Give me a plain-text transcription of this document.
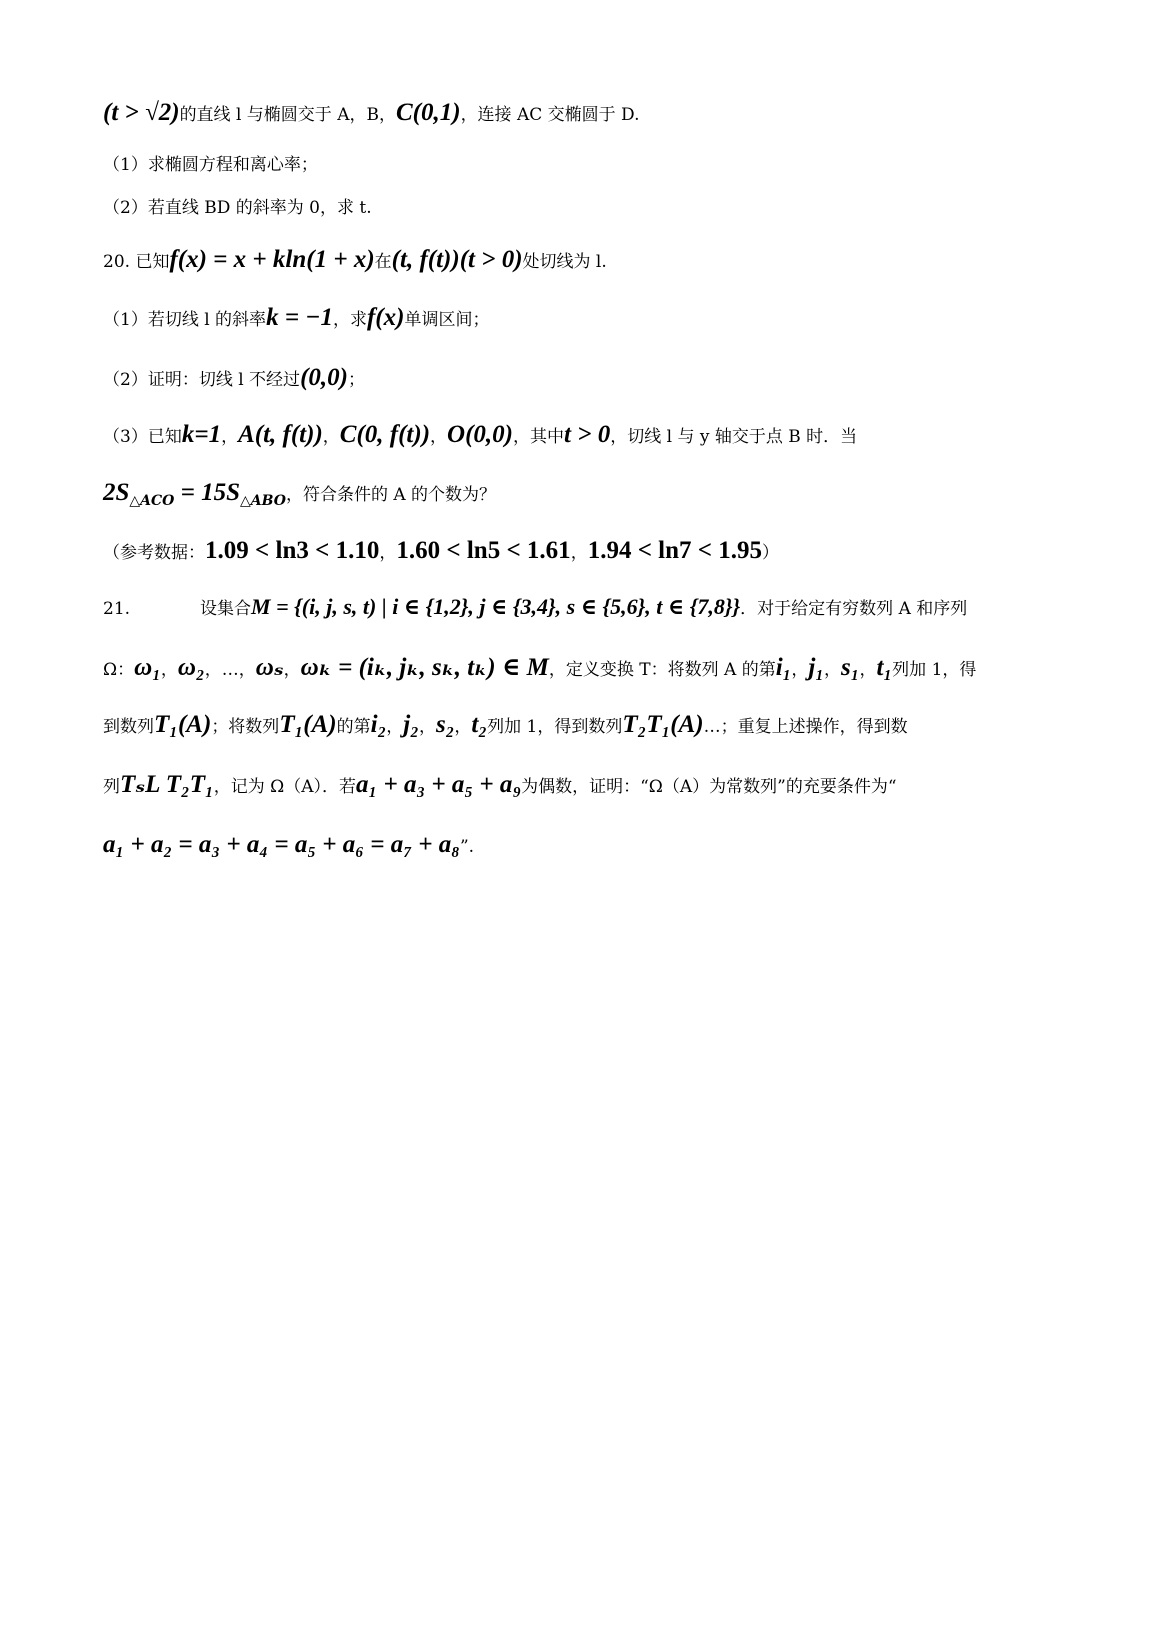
(t > √2)的直线 l 与椭圆交于 A，B，C(0,1)，连接 AC 交椭圆于 D.
（1）求椭圆方程和离心率；
（2）若直线 BD 的斜率为 0，求 t.
20. 已知f(x) = x + kln(1 + x)在(t, f(t))(t > 0)处切线为 l.
（1）若切线 l 的斜率k = −1，求f(x)单调区间；
（2）证明：切线 l 不经过(0,0)；
（3）已知k=1，A(t, f(t))，C(0, f(t))，O(0,0)，其中t > 0，切线 l 与 y 轴交于点 B 时．当
$2S_{\triangle ACO} = 15S_{\triangle ABO}$，符合条件的 A 的个数为？
（参考数据：1.09 < ln3 < 1.10，1.60 < ln5 < 1.61，1.94 < ln7 < 1.95）
21.	设集合M = {(i, j, s, t) | i ∈ {1,2}, j ∈ {3,4}, s ∈ {5,6}, t ∈ {7,8}}．对于给定有穷数列 A 和序列
Ω：ω₁，ω₂，…，ωₛ，ωₖ = (iₖ, jₖ, sₖ, tₖ) ∈ M，定义变换 T：将数列 A 的第i₁，j₁，s₁，t₁列加 1，得
到数列T₁(A)；将数列T₁(A)的第i₂，j₂，s₂，t₂列加 1，得到数列T₂T₁(A)…；重复上述操作，得到数
列TₛL T₂T₁，记为 Ω（A）．若a₁ + a₃ + a₅ + a₉为偶数，证明：“Ω（A）为常数列”的充要条件为“
a₁ + a₂ = a₃ + a₄ = a₅ + a₆ = a₇ + a₈”.
